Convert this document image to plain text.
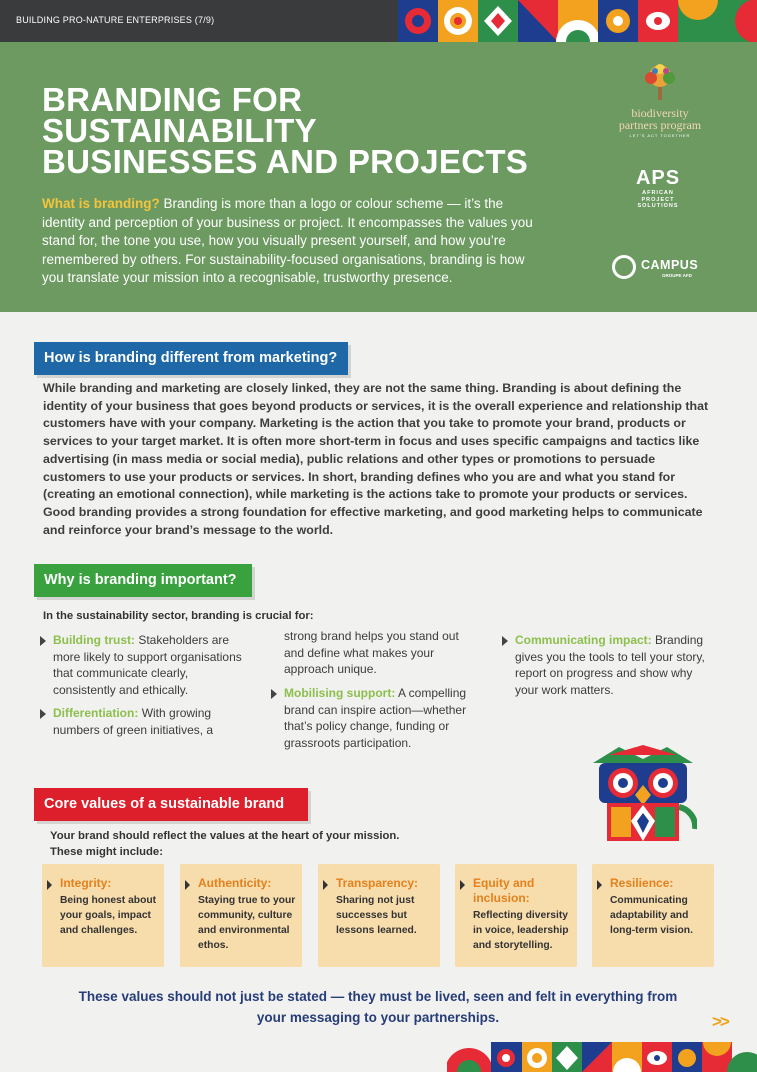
BUILDING PRO-NATURE ENTERPRISES (7/9)
BRANDING FOR
SUSTAINABILITY
BUSINESSES AND PROJECTS

What is branding? Branding is more than a logo or colour scheme — it’s the identity and perception of your business or project. It encompasses the values you stand for, the tone you use, how you visually present yourself, and how you’re remembered by others. For sustainability-focused organisations, branding is how you translate your mission into a recognisable, trustworthy presence.

biodiversity
partners program
LET’S ACT TOGETHER
APS
AFRICAN
PROJECT
SOLUTIONS
CAMPUS
GROUPE AFD
How is branding different from marketing?

While branding and marketing are closely linked, they are not the same thing. Branding is about defining the identity of your business that goes beyond products or services, it is the overall experience and relationship that customers have with your company. Marketing is the action that you take to promote your brand, products or services to your target market. It is often more short-term in focus and uses specific campaigns and tactics like advertising (in mass media or social media), public relations and other types or promotions to persuade customers to use your products or services. In short, branding defines who you are and what you stand for (creating an emotional connection), while marketing is the actions take to promote your products or services. Good branding provides a strong foundation for effective marketing, and good marketing helps to communicate and reinforce your brand’s message to the world.

Why is branding important?

In the sustainability sector, branding is crucial for:

Building trust: Stakeholders are more likely to support organisations that communicate clearly, consistently and ethically.
Differentiation: With growing numbers of green initiatives, a
strong brand helps you stand out and define what makes your approach unique.
Mobilising support: A compelling brand can inspire action—whether that’s policy change, funding or grassroots participation.
Communicating impact: Branding gives you the tools to tell your story, report on progress and show why your work matters.
Core values of a sustainable brand

Your brand should reflect the values at the heart of your mission.
These might include:

Integrity:
Being honest about your goals, impact and challenges.
Authenticity:
Staying true to your community, culture and environmental ethos.
Transparency:
Sharing not just successes but lessons learned.
Equity and inclusion:
Reflecting diversity in voice, leadership and storytelling.
Resilience:
Communicating adaptability and long-term vision.

These values should not just be stated — they must be lived, seen and felt in everything from
your messaging to your partnerships.	>>
